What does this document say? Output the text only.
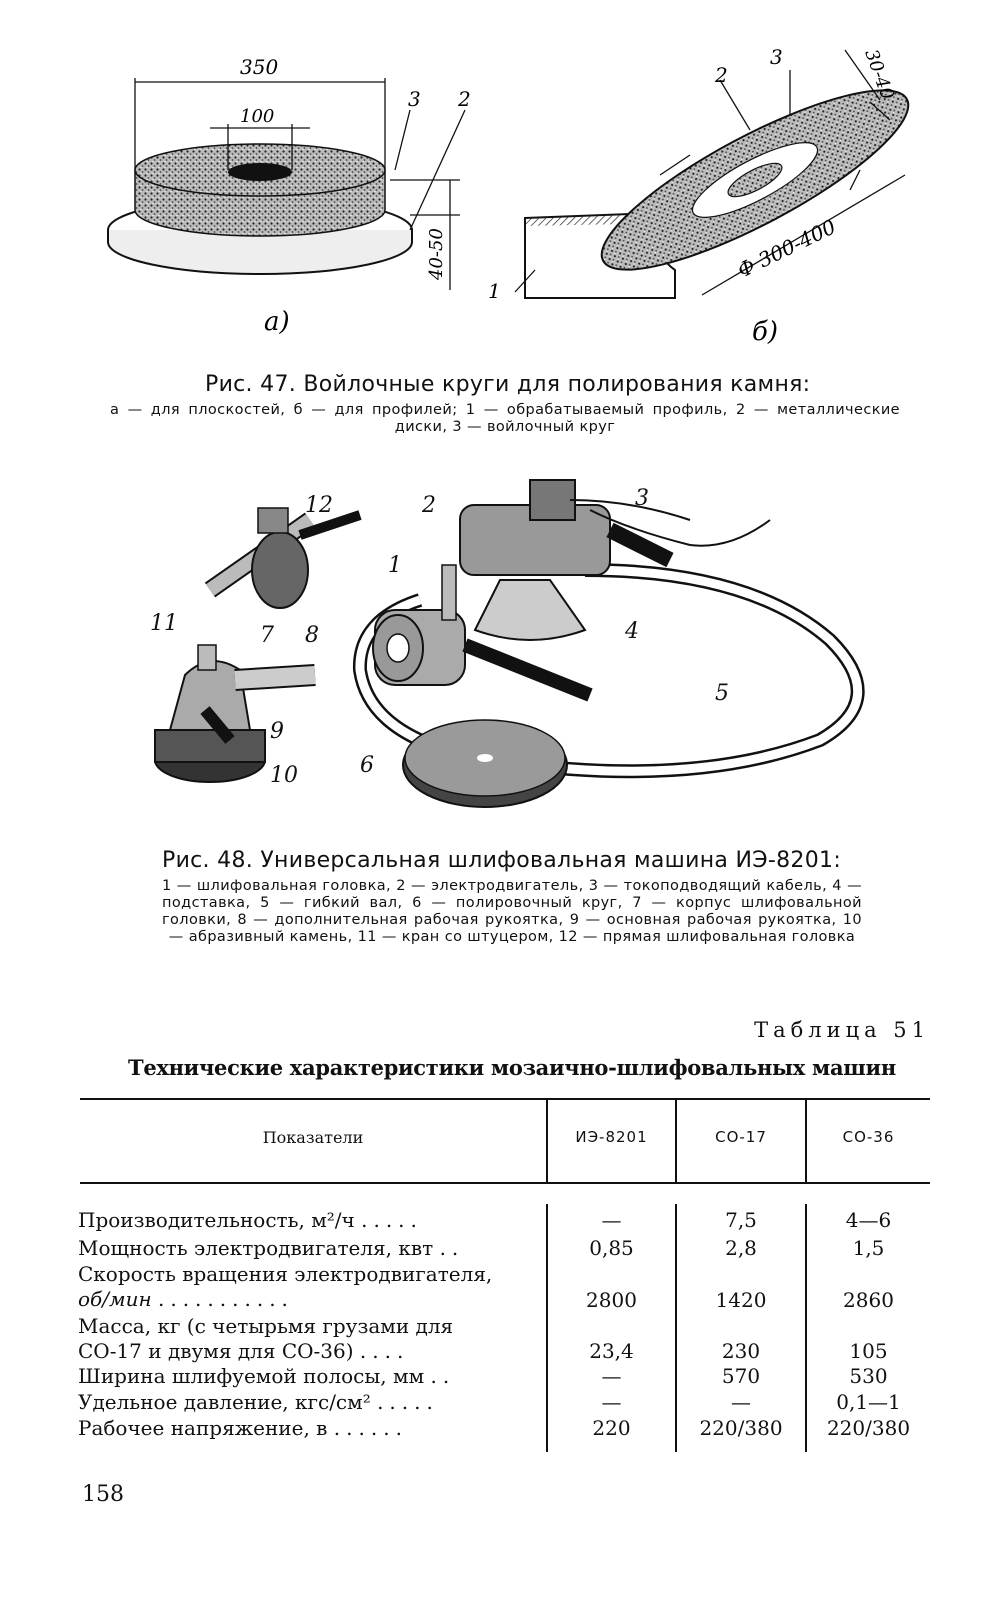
350
100
40-50
3 2
а)
Ф 300-400
30-40
2
3
1
б)
Рис. 47. Войлочные круги для полирования камня:
а — для плоскостей, б — для профилей; 1 — обрабатываемый профиль, 2 — металлические диски, 3 — войлочный круг
1
2	3
4
5
6
7 8
9
10
11
12
Рис. 48. Универсальная шлифовальная машина ИЭ-8201:
1 — шлифовальная головка, 2 — электродвигатель, 3 — токоподводящий кабель, 4 — подставка, 5 — гибкий вал, 6 — полировочный круг, 7 — корпус шлифовальной головки, 8 — дополнительная рабочая рукоятка, 9 — основная рабочая рукоятка, 10 — абразивный камень, 11 — кран со штуцером, 12 — прямая шлифовальная головка
Таблица 51
Технические характеристики мозаично-шлифовальных машин
Показатели	ИЭ-8201	СО-17	СО-36
Производительность, м²/ч .....	—	7,5	4—6
Мощность электродвигателя, квт ..	0,85	2,8	1,5
Скорость вращения электродвигателя,
об/мин ...........	2800	1420	2860
Масса, кг (с четырьмя грузами для
СО-17 и двумя для СО-36) ....	23,4	230	105
Ширина шлифуемой полосы, мм ..	—	570	530
Удельное давление, кгс/см² .....	—	—	0,1—1
Рабочее напряжение, в ......	220	220/380	220/380
158
